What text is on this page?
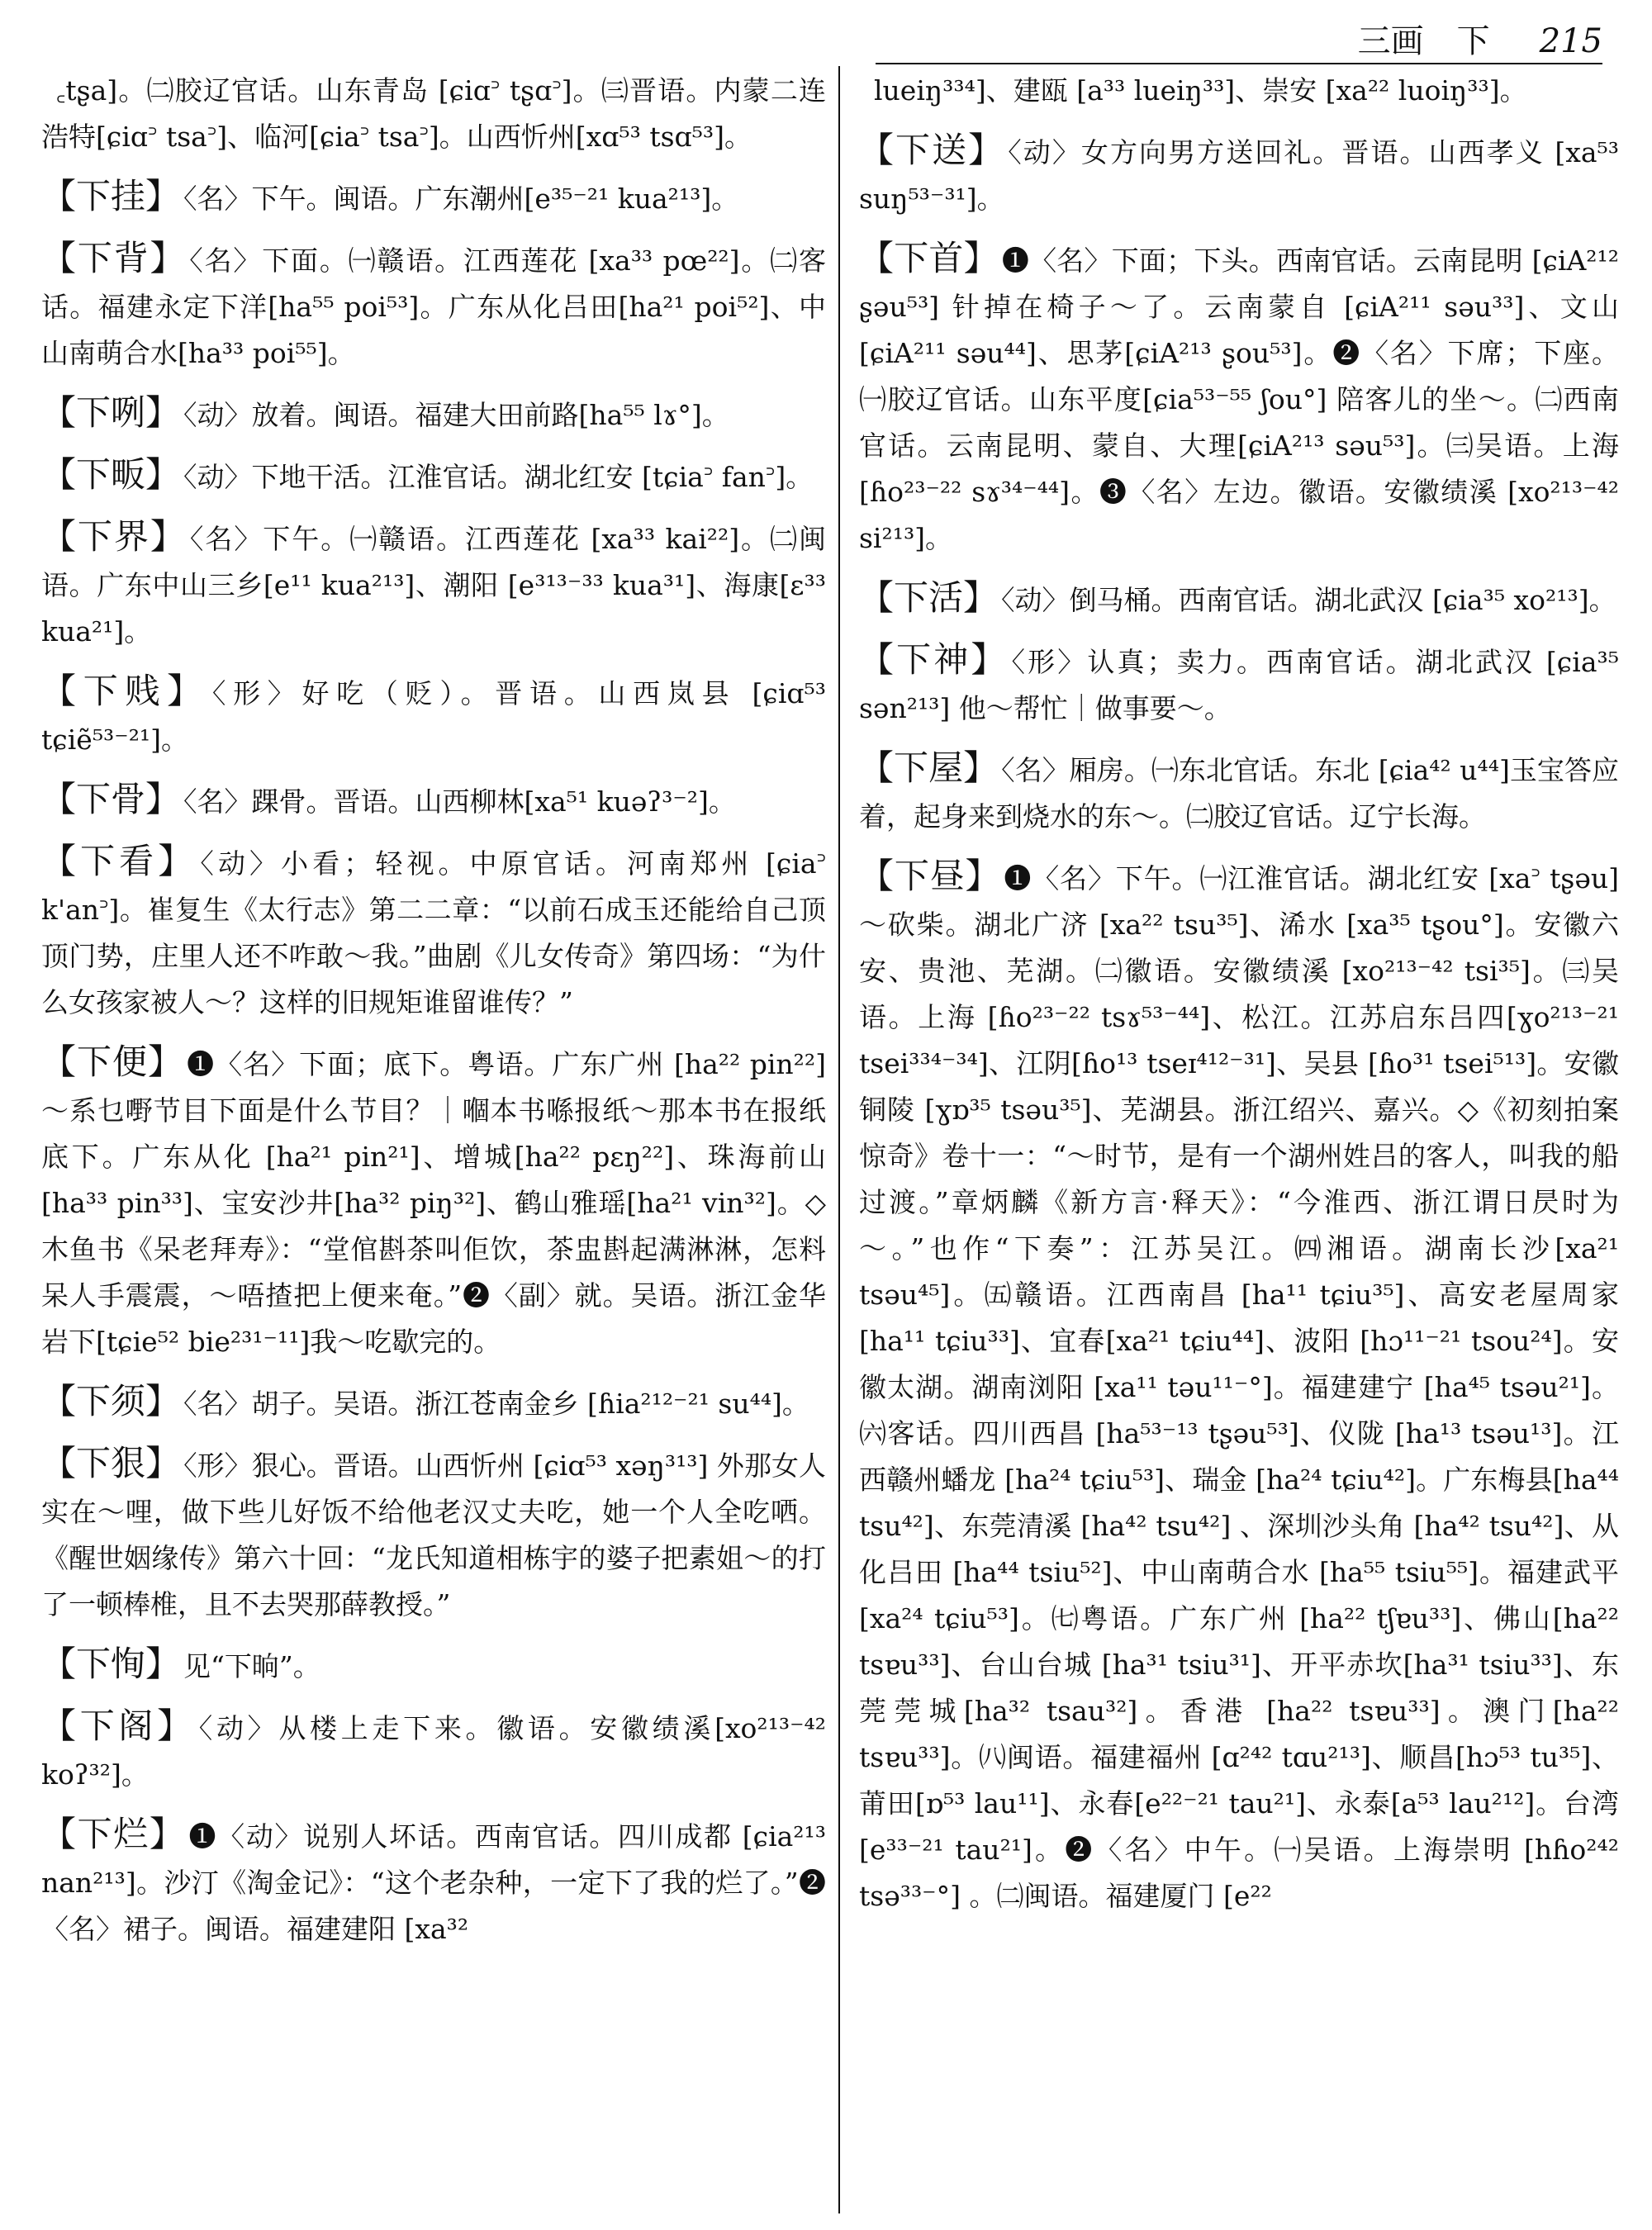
三画　下 215

꜀tʂa]。㈡胶辽官话。山东青岛 [ɕiɑ꜄ tʂɑ꜄]。㈢晋语。内蒙二连浩特[ɕiɑ꜄ tsa꜄]、临河[ɕia꜄ tsa꜄]。山西忻州[xɑ⁵³ tsɑ⁵³]。

【下挂】 〈名〉下午。闽语。广东潮州[e³⁵⁻²¹ kua²¹³]。

【下背】 〈名〉下面。㈠赣语。江西莲花 [xa³³ pœ²²]。㈡客话。福建永定下洋[ha⁵⁵ poi⁵³]。广东从化吕田[ha²¹ poi⁵²]、中山南萌合水[ha³³ poi⁵⁵]。

【下咧】 〈动〉放着。闽语。福建大田前路[ha⁵⁵ lɤ°]。

【下畈】 〈动〉下地干活。江淮官话。湖北红安 [tɕia꜄ fan꜄]。

【下界】 〈名〉下午。㈠赣语。江西莲花 [xa³³ kai²²]。㈡闽语。广东中山三乡[e¹¹ kua²¹³]、潮阳 [e³¹³⁻³³ kua³¹]、海康[ɛ³³ kua²¹]。

【下贱】 〈形〉好吃（贬）。晋语。山西岚县 [ɕiɑ⁵³ tɕiẽ⁵³⁻²¹]。

【下骨】 〈名〉踝骨。晋语。山西柳林[xa⁵¹ kuəʔ³⁻²]。

【下看】 〈动〉小看；轻视。中原官话。河南郑州 [ɕia꜄ k'an꜄]。崔复生《太行志》第二二章：“以前石成玉还能给自己顶顶门势，庄里人还不咋敢～我。”曲剧《儿女传奇》第四场：“为什么女孩家被人～？这样的旧规矩谁留谁传？”

【下便】 ❶〈名〉下面；底下。粤语。广东广州 [ha²² pin²²] ～系乜嘢节目下面是什么节目？｜嗰本书喺报纸～那本书在报纸底下。广东从化 [ha²¹ pin²¹]、增城[ha²² pɛŋ²²]、珠海前山[ha³³ pin³³]、宝安沙井[ha³² piŋ³²]、鹤山雅瑶[ha²¹ vin³²]。◇木鱼书《呆老拜寿》：“堂倌斟茶叫佢饮，茶盅斟起满淋淋，怎料呆人手震震，～唔揸把上便来奄。”❷〈副〉就。吴语。浙江金华岩下[tɕie⁵² bie²³¹⁻¹¹]我～吃歇完的。

【下须】 〈名〉胡子。吴语。浙江苍南金乡 [ɦia²¹²⁻²¹ su⁴⁴]。

【下狠】 〈形〉狠心。晋语。山西忻州 [ɕiɑ⁵³ xəŋ³¹³] 外那女人实在～哩，做下些儿好饭不给他老汉丈夫吃，她一个人全吃哂。《醒世姻缘传》第六十回：“龙氏知道相栋宇的婆子把素姐～的打了一顿棒椎，且不去哭那薛教授。”

【下恂】 见“下晌”。

【下阁】 〈动〉从楼上走下来。徽语。安徽绩溪[xo²¹³⁻⁴² koʔ³²]。

【下烂】 ❶〈动〉说别人坏话。西南官话。四川成都 [ɕia²¹³ nan²¹³]。沙汀《淘金记》：“这个老杂种，一定下了我的烂了。”❷〈名〉裙子。闽语。福建建阳 [xa³²

lueiŋ³³⁴]、建瓯 [a³³ lueiŋ³³]、崇安 [xa²² luoiŋ³³]。

【下送】 〈动〉女方向男方送回礼。晋语。山西孝义 [xa⁵³ suŋ⁵³⁻³¹]。

【下首】 ❶〈名〉下面；下头。西南官话。云南昆明 [ɕiA²¹² ʂəu⁵³] 针掉在椅子～了。云南蒙自 [ɕiA²¹¹ səu³³]、文山 [ɕiA²¹¹ səu⁴⁴]、思茅[ɕiA²¹³ ʂou⁵³]。❷〈名〉下席；下座。㈠胶辽官话。山东平度[ɕia⁵³⁻⁵⁵ ʃou°] 陪客儿的坐～。㈡西南官话。云南昆明、蒙自、大理[ɕiA²¹³ səu⁵³]。㈢吴语。上海 [ɦo²³⁻²² sɤ³⁴⁻⁴⁴]。❸〈名〉左边。徽语。安徽绩溪 [xo²¹³⁻⁴² si²¹³]。

【下活】 〈动〉倒马桶。西南官话。湖北武汉 [ɕia³⁵ xo²¹³]。

【下神】 〈形〉认真；卖力。西南官话。湖北武汉 [ɕia³⁵ sən²¹³] 他～帮忙｜做事要～。

【下屋】 〈名〉厢房。㈠东北官话。东北 [ɕia⁴² u⁴⁴]玉宝答应着，起身来到烧水的东～。㈡胶辽官话。辽宁长海。

【下昼】 ❶〈名〉下午。㈠江淮官话。湖北红安 [xa꜄ tʂəu] ～砍柴。湖北广济 [xa²² tsu³⁵]、浠水 [xa³⁵ tʂou°]。安徽六安、贵池、芜湖。㈡徽语。安徽绩溪 [xo²¹³⁻⁴² tsi³⁵]。㈢吴语。上海 [ɦo²³⁻²² tsɤ⁵³⁻⁴⁴]、松江。江苏启东吕四[ɣo²¹³⁻²¹ tsei³³⁴⁻³⁴]、江阴[ɦo¹³ tseɪ⁴¹²⁻³¹]、吴县 [ɦo³¹ tsei⁵¹³]。安徽铜陵 [ɣɒ³⁵ tsəu³⁵]、芜湖县。浙江绍兴、嘉兴。◇《初刻拍案惊奇》卷十一：“～时节，是有一个湖州姓吕的客人，叫我的船过渡。”章炳麟《新方言·释天》：“今淮西、浙江谓日昃时为～。”也作“下奏”：江苏吴江。㈣湘语。湖南长沙[xa²¹ tsəu⁴⁵]。㈤赣语。江西南昌 [ha¹¹ tɕiu³⁵]、高安老屋周家 [ha¹¹ tɕiu³³]、宜春[xa²¹ tɕiu⁴⁴]、波阳 [hɔ¹¹⁻²¹ tsou²⁴]。安徽太湖。湖南浏阳 [xa¹¹ təu¹¹⁻°]。福建建宁 [ha⁴⁵ tsəu²¹]。㈥客话。四川西昌 [ha⁵³⁻¹³ tʂəu⁵³]、仪陇 [ha¹³ tsəu¹³]。江西赣州蟠龙 [ha²⁴ tɕiu⁵³]、瑞金 [ha²⁴ tɕiu⁴²]。广东梅县[ha⁴⁴ tsu⁴²]、东莞清溪 [ha⁴² tsu⁴²] 、深圳沙头角 [ha⁴² tsu⁴²]、从化吕田 [ha⁴⁴ tsiu⁵²]、中山南萌合水 [ha⁵⁵ tsiu⁵⁵]。福建武平[xa²⁴ tɕiu⁵³]。㈦粤语。广东广州 [ha²² tʃɐu³³]、佛山[ha²² tsɐu³³]、台山台城 [ha³¹ tsiu³¹]、开平赤坎[ha³¹ tsiu³³]、东莞莞城[ha³² tsau³²]。香港 [ha²² tsɐu³³]。澳门[ha²² tsɐu³³]。㈧闽语。福建福州 [ɑ²⁴² tɑu²¹³]、顺昌[hɔ⁵³ tu³⁵]、莆田[ɒ⁵³ lau¹¹]、永春[e²²⁻²¹ tau²¹]、永泰[a⁵³ lau²¹²]。台湾[e³³⁻²¹ tau²¹]。❷〈名〉中午。㈠吴语。上海崇明 [hɦo²⁴² tsə³³⁻°] 。㈡闽语。福建厦门 [e²²
